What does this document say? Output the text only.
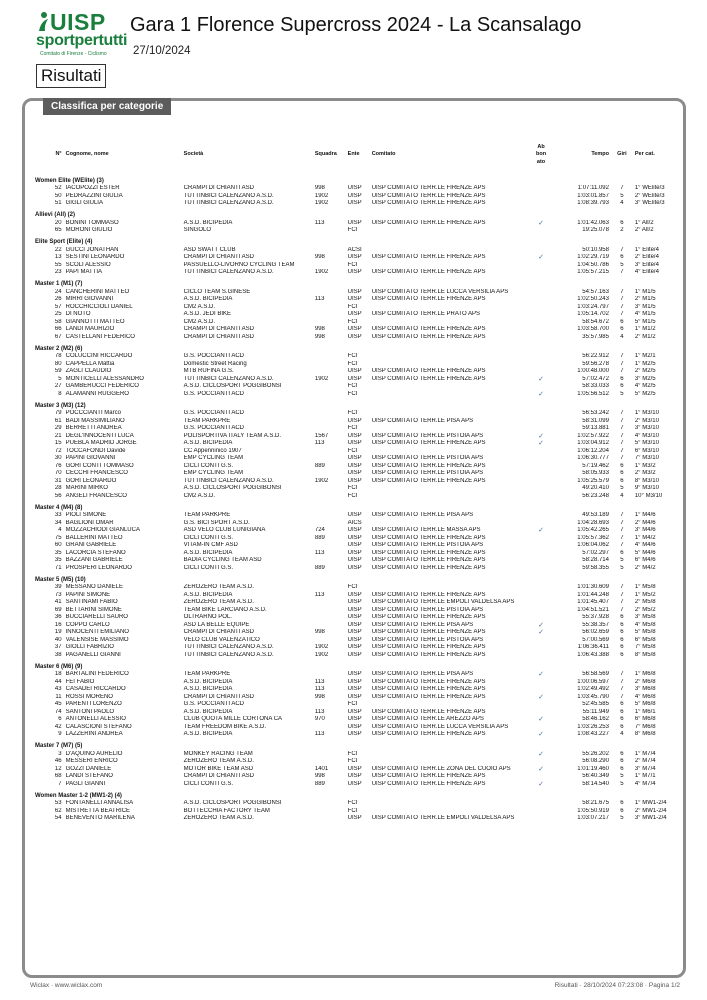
UISP
sportpertutti
Comitato di Firenze - Ciclismo
Gara 1 Florence Supercross 2024 - La Scansalago
27/10/2024
Risultati
Classifica per categorie
N°	Cognome, nome	Società	Squadra	Ente	Comitato	Ab bon ato	Tempo	Giri	Per cat.
Women Elite (WElite) (3)									
52	IACOPOZZI ESTER	CRAMPI DI CHIANTI ASD	998	UISP	UISP COMITATO TERR.LE FIRENZE APS		1:07:11.092	7	1° WElite/3
50	PEDRAZZINI GIULIA	TUTTINBICI CALENZANO A.S.D.	1902	UISP	UISP COMITATO TERR.LE FIRENZE APS		1:03:01.857	5	2° WElite/3
51	GIGLI GIULIA	TUTTINBICI CALENZANO A.S.D.	1902	UISP	UISP COMITATO TERR.LE FIRENZE APS		1:08:39.793	4	3° WElite/3
Allievi (All) (2)									
20	BONINI TOMMASO	A.S.D. BICIPEDIA	113	UISP	UISP COMITATO TERR.LE FIRENZE APS	✓	1:01:42.063	6	1° All/2
65	MORONI GIULIO	SINGOLO		FCI			19:25.078	2	2° All/2
Elite Sport (Elite) (4)									
22	GUCCI JONATHAN	ASD SWATT CLUB		ACSI			50:10.958	7	1° Elite/4
13	SESTINI LEONARDO	CRAMPI DI CHIANTI ASD	998	UISP	UISP COMITATO TERR.LE FIRENZE APS	✓	1:02:29.719	6	2° Elite/4
55	SCOLI ALESSIO	PASSUELLO-LIVORNO CYCLING TEAM		FCI			1:04:50.786	5	3° Elite/4
23	PAPI MATTIA	TUTTINBICI CALENZANO A.S.D.	1902	UISP	UISP COMITATO TERR.LE FIRENZE APS		1:05:57.215	7	4° Elite/4
Master 1 (M1) (7)									
24	CANCHERINI MATTEO	CICLO TEAM S.GINESE		UISP	UISP COMITATO TERR.LE LUCCA VERSILIA APS		54:57.163	7	1° M1/5
26	MIRRI GIOVANNI	A.S.D. BICIPEDIA	113	UISP	UISP COMITATO TERR.LE FIRENZE APS		1:02:50.243	7	2° M1/5
57	ROCCHICCIOLI DANIEL	CM2 A.S.D.		FCI			1:03:24.797	7	3° M1/5
25	DI NOTO	A.S.D. JEDI BIKE		UISP	UISP COMITATO TERR.LE PRATO APS		1:05:14.702	7	4° M1/5
58	GIANNOTTI MATTEO	CM2 A.S.D.		FCI			58:54.672	6	5° M1/5
66	LANDI MAURIZIO	CRAMPI DI CHIANTI ASD	998	UISP	UISP COMITATO TERR.LE FIRENZE APS		1:03:58.700	6	1° M1/2
67	CASTELLANI FEDERICO	CRAMPI DI CHIANTI ASD	998	UISP	UISP COMITATO TERR.LE FIRENZE APS		35:57.985	4	2° M1/2
Master 2 (M2) (6)									
78	COLUCCINI RICCARDO	G.S. POCCIANTI ACD		FCI			56:22.912	7	1° M2/1
80	CAPPELLA Mattia	Domestic Street Racing		FCI			59:56.278	7	1° M2/5
59	ZAGLI CLAUDIO	MTB RUFINA G.S.		UISP	UISP COMITATO TERR.LE FIRENZE APS		1:00:48.000	7	2° M2/5
5	MONTICELLI ALESSANDRO	TUTTINBICI CALENZANO A.S.D.	1902	UISP	UISP COMITATO TERR.LE FIRENZE APS	✓	57:02.472	6	3° M2/5
27	GAMBERUCCI FEDERICO	A.S.D. CICLOSPORT POGGIBONSI		FCI			58:33.033	6	4° M2/5
8	ALAMANNI RUGGERO	G.S. POCCIANTI ACD		FCI		✓	1:05:56.512	5	5° M2/5
Master 3 (M3) (12)									
79	POCCCIANTI Marco	G.S. POCCIANTI ACD		FCI			56:53.242	7	1° M3/10
61	BADI MASSIMILIANO	TEAM PARKPRE		UISP	UISP COMITATO TERR.LE PISA APS		58:31.099	7	2° M3/10
29	BERRETTI ANDREA	G.S. POCCIANTI ACD		FCI			59:13.881	7	3° M3/10
21	DEGL'INNOCENTI LUCA	POLISPORTIVA ITALY TEAM A.S.D.	1567	UISP	UISP COMITATO TERR.LE PISTOIA APS	✓	1:02:57.922	7	4° M3/10
15	PUEBLA MADRID JORGE	A.S.D. BICIPEDIA	113	UISP	UISP COMITATO TERR.LE FIRENZE APS	✓	1:03:04.912	7	5° M3/10
72	TOCCAFONDI Davide	CC Appenninico 1907		FCI			1:06:12.204	7	6° M3/10
30	PAPINI GIOVANNI	EMP CYCLING TEAM		UISP	UISP COMITATO TERR.LE PISTOIA APS		1:06:30.777	7	7° M3/10
76	GORI CONTI TOMMASO	CICLI CONTI G.S.	889	UISP	UISP COMITATO TERR.LE FIRENZE APS		57:19.462	6	1° M3/2
70	CECCHI FRANCESCO	EMP CYCLING TEAM		UISP	UISP COMITATO TERR.LE PISTOIA APS		58:05.933	6	2° M3/2
31	GORI LEONARDO	TUTTINBICI CALENZANO A.S.D.	1902	UISP	UISP COMITATO TERR.LE FIRENZE APS		1:05:25.579	6	8° M3/10
28	MARINI MIRKO	A.S.D. CICLOSPORT POGGIBONSI		FCI			49:20.410	5	9° M3/10
56	ANGELI FRANCESCO	CM2 A.S.D.		FCI			56:23.248	4	10° M3/10
Master 4 (M4) (8)									
33	PIOLI SIMONE	TEAM PARKPRE		UISP	UISP COMITATO TERR.LE PISA APS		49:53.189	7	1° M4/6
34	BAGLIONI OMAR	G.S. BICI SPORT A.S.D.		AICS			1:04:28.693	7	2° M4/6
4	MOZZACHIODI GIANLUCA	ASD VELO CLUB LUNIGIANA	724	UISP	UISP COMITATO TERR.LE MASSA APS	✓	1:05:42.265	7	3° M4/6
75	BALLERINI MATTEO	CICLI CONTI G.S.	889	UISP	UISP COMITATO TERR.LE FIRENZE APS		1:05:57.362	7	1° M4/2
60	GRANI GABRIELE	VITAM-IN CMF ASD		UISP	UISP COMITATO TERR.LE PISTOIA APS		1:06:04.062	7	4° M4/6
35	LACORCIA STEFANO	A.S.D. BICIPEDIA	113	UISP	UISP COMITATO TERR.LE FIRENZE APS		57:02.297	6	5° M4/6
35	BAZZANI GABRIELE	BADIA CYCLING TEAM ASD		UISP	UISP COMITATO TERR.LE FIRENZE APS		58:28.714	5	6° M4/6
71	PROSPERI LEONARDO	CICLI CONTI G.S.	889	UISP	UISP COMITATO TERR.LE FIRENZE APS		59:58.355	5	2° M4/2
Master 5 (M5) (10)									
39	MESSANO DANIELE	ZEROZERO TEAM A.S.D.		FCI			1:01:30.609	7	1° M5/8
73	PAPINI SIMONE	A.S.D. BICIPEDIA	113	UISP	UISP COMITATO TERR.LE FIRENZE APS		1:01:44.248	7	1° M5/2
41	SANTINAMI FABIO	ZEROZERO TEAM A.S.D.		UISP	UISP COMITATO TERR.LE EMPOLI VALDELSA APS		1:01:45.407	7	2° M5/8
69	BETTARINI SIMONE	TEAM BIKE LARCIANO A.S.D.		UISP	UISP COMITATO TERR.LE PISTOIA APS		1:04:51.521	7	2° M5/2
36	BUCCIARELLI SAURO	OLTRARNO POL.		UISP	UISP COMITATO TERR.LE FIRENZE APS		55:37.928	6	3° M5/8
16	COPPO CARLO	ASD LA BELLE EQUIPE		UISP	UISP COMITATO TERR.LE PISA APS	✓	55:38.357	6	4° M5/8
19	INNOCENTI EMILIANO	CRAMPI DI CHIANTI ASD	998	UISP	UISP COMITATO TERR.LE FIRENZE APS	✓	56:02.659	6	5° M5/8
40	VALENSISE MASSIMO	VELO CLUB VALENZATICO		UISP	UISP COMITATO TERR.LE PISTOIA APS		57:00.569	6	6° M5/8
37	GIOLLI FABRIZIO	TUTTINBICI CALENZANO A.S.D.	1902	UISP	UISP COMITATO TERR.LE FIRENZE APS		1:06:36.411	6	7° M5/8
38	PAGANELLI GIANNI	TUTTINBICI CALENZANO A.S.D.	1902	UISP	UISP COMITATO TERR.LE FIRENZE APS		1:06:43.388	6	8° M5/8
Master 6 (M6) (9)									
18	BARTALINI FEDERICO	TEAM PARKPRE		UISP	UISP COMITATO TERR.LE PISA APS	✓	56:58.569	7	1° M6/8
44	FEI FABIO	A.S.D. BICIPEDIA	113	UISP	UISP COMITATO TERR.LE FIRENZE APS		1:00:06.597	7	2° M6/8
43	CASADEI RICCARDO	A.S.D. BICIPEDIA	113	UISP	UISP COMITATO TERR.LE FIRENZE APS		1:02:49.492	7	3° M6/8
11	ROSSI MORENO	CRAMPI DI CHIANTI ASD	998	UISP	UISP COMITATO TERR.LE FIRENZE APS	✓	1:03:45.790	7	4° M6/8
45	PARENTI LORENZO	G.S. POCCIANTI ACD		FCI			52:45.585	6	5° M6/8
74	SANTONI PAOLO	A.S.D. BICIPEDIA	113	UISP	UISP COMITATO TERR.LE FIRENZE APS		55:11.949	6	1° M6/1
6	ANTONELLI ALESSIO	CLUB QUOTA MILLE CORTONA CA	970	UISP	UISP COMITATO TERR.LE AREZZO APS	✓	58:46.162	6	6° M6/8
42	CALASCIONI STEFANO	TEAM FREEDOM BIKE A.S.D.		UISP	UISP COMITATO TERR.LE LUCCA VERSILIA APS		1:03:26.253	6	7° M6/8
9	LAZZERINI ANDREA	A.S.D. BICIPEDIA	113	UISP	UISP COMITATO TERR.LE FIRENZE APS	✓	1:08:43.227	4	8° M6/8
Master 7 (M7) (5)									
3	D'AQUINO AURELIO	MONKEY RACING TEAM		FCI		✓	55:26.202	6	1° M7/4
46	MESSERI ENRICO	ZEROZERO TEAM A.S.D.		FCI			56:08.290	6	2° M7/4
12	GOZZI DANIELE	MOTOR BIKE TEAM ASD	1401	UISP	UISP COMITATO TERR.LE ZONA DEL CUOIO APS	✓	1:01:19.460	6	3° M7/4
68	LANDI STEFANO	CRAMPI DI CHIANTI ASD	998	UISP	UISP COMITATO TERR.LE FIRENZE APS		56:40.349	5	1° M7/1
7	PAGLI GIANNI	CICLI CONTI G.S.	889	UISP	UISP COMITATO TERR.LE FIRENZE APS	✓	58:14.540	5	4° M7/4
Women Master 1-2 (MW1-2) (4)									
53	FONTANELLI ANNALISA	A.S.D. CICLOSPORT POGGIBONSI		FCI			58:21.675	6	1° MW1-2/4
62	MISTRETTA BEATRICE	BOTTECCHIA FACTORY TEAM		FCI			1:05:50.919	6	2° MW1-2/4
54	BENEVENTO MARILENA	ZEROZERO TEAM A.S.D.		UISP	UISP COMITATO TERR.LE EMPOLI VALDELSA APS		1:03:07.217	5	3° MW1-2/4
Wiclax · www.wiclax.com	Risultati · 28/10/2024 07:23:08 · Pagina 1/2
